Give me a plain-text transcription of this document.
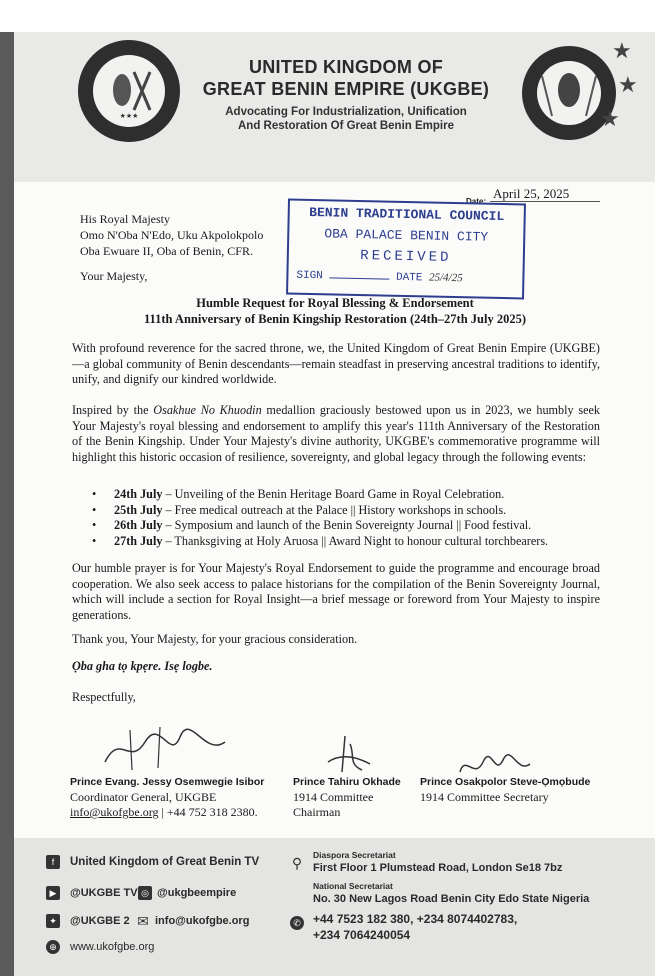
★★★
★
★
★
UNITED KINGDOM OF
GREAT BENIN EMPIRE (UKGBE)
Advocating For Industrialization, Unification
And Restoration Of Great Benin Empire
Date:
April 25, 2025
His Royal Majesty
Omo N'Oba N'Edo, Uku Akpolokpolo
Oba Ewuare II, Oba of Benin, CFR.
BENIN TRADITIONAL COUNCIL
OBA PALACE BENIN CITY
RECEIVED
SIGN	DATE 25/4/25
Your Majesty,
Humble Request for Royal Blessing & Endorsement
111th Anniversary of Benin Kingship Restoration (24th–27th July 2025)
With profound reverence for the sacred throne, we, the United Kingdom of Great Benin Empire (UKGBE)—a global community of Benin descendants—remain steadfast in preserving ancestral traditions to identify, unify, and dignify our kindred worldwide.
Inspired by the Osakhue No Khuodin medallion graciously bestowed upon us in 2023, we humbly seek Your Majesty's royal blessing and endorsement to amplify this year's 111th Anniversary of the Restoration of the Benin Kingship. Under Your Majesty's divine authority, UKGBE's commemorative programme will highlight this historic occasion of resilience, sovereignty, and global legacy through the following events:
• 24th July – Unveiling of the Benin Heritage Board Game in Royal Celebration.
• 25th July – Free medical outreach at the Palace || History workshops in schools.
• 26th July – Symposium and launch of the Benin Sovereignty Journal || Food festival.
• 27th July – Thanksgiving at Holy Aruosa || Award Night to honour cultural torchbearers.
Our humble prayer is for Your Majesty's Royal Endorsement to guide the programme and encourage broad cooperation. We also seek access to palace historians for the compilation of the Benin Sovereignty Journal, which will include a section for Royal Insight—a brief message or foreword from Your Majesty to inspire generations.
Thank you, Your Majesty, for your gracious consideration.
Ọba gha tọ kpẹre. Isẹ logbe.
Respectfully,
Prince Evang. Jessy Osemwegie Isibor
Coordinator General, UKGBE
info@ukofgbe.org | +44 752 318 2380.
Prince Tahiru Okhade
1914 Committee
Chairman
Prince Osakpolor Steve-Ọmọbude
1914 Committee Secretary
f	United Kingdom of Great Benin TV
▶	@UKGBE TV ◎ @ukgbeempire
✦ @UKGBE 2 ✉ info@ukofgbe.org
⊕ www.ukofgbe.org
⚲ Diaspora Secretariat
First Floor 1 Plumstead Road, London Se18 7bz
National Secretariat
No. 30 New Lagos Road Benin City Edo State Nigeria
✆ +44 7523 182 380, +234 8074402783,
+234 7064240054
